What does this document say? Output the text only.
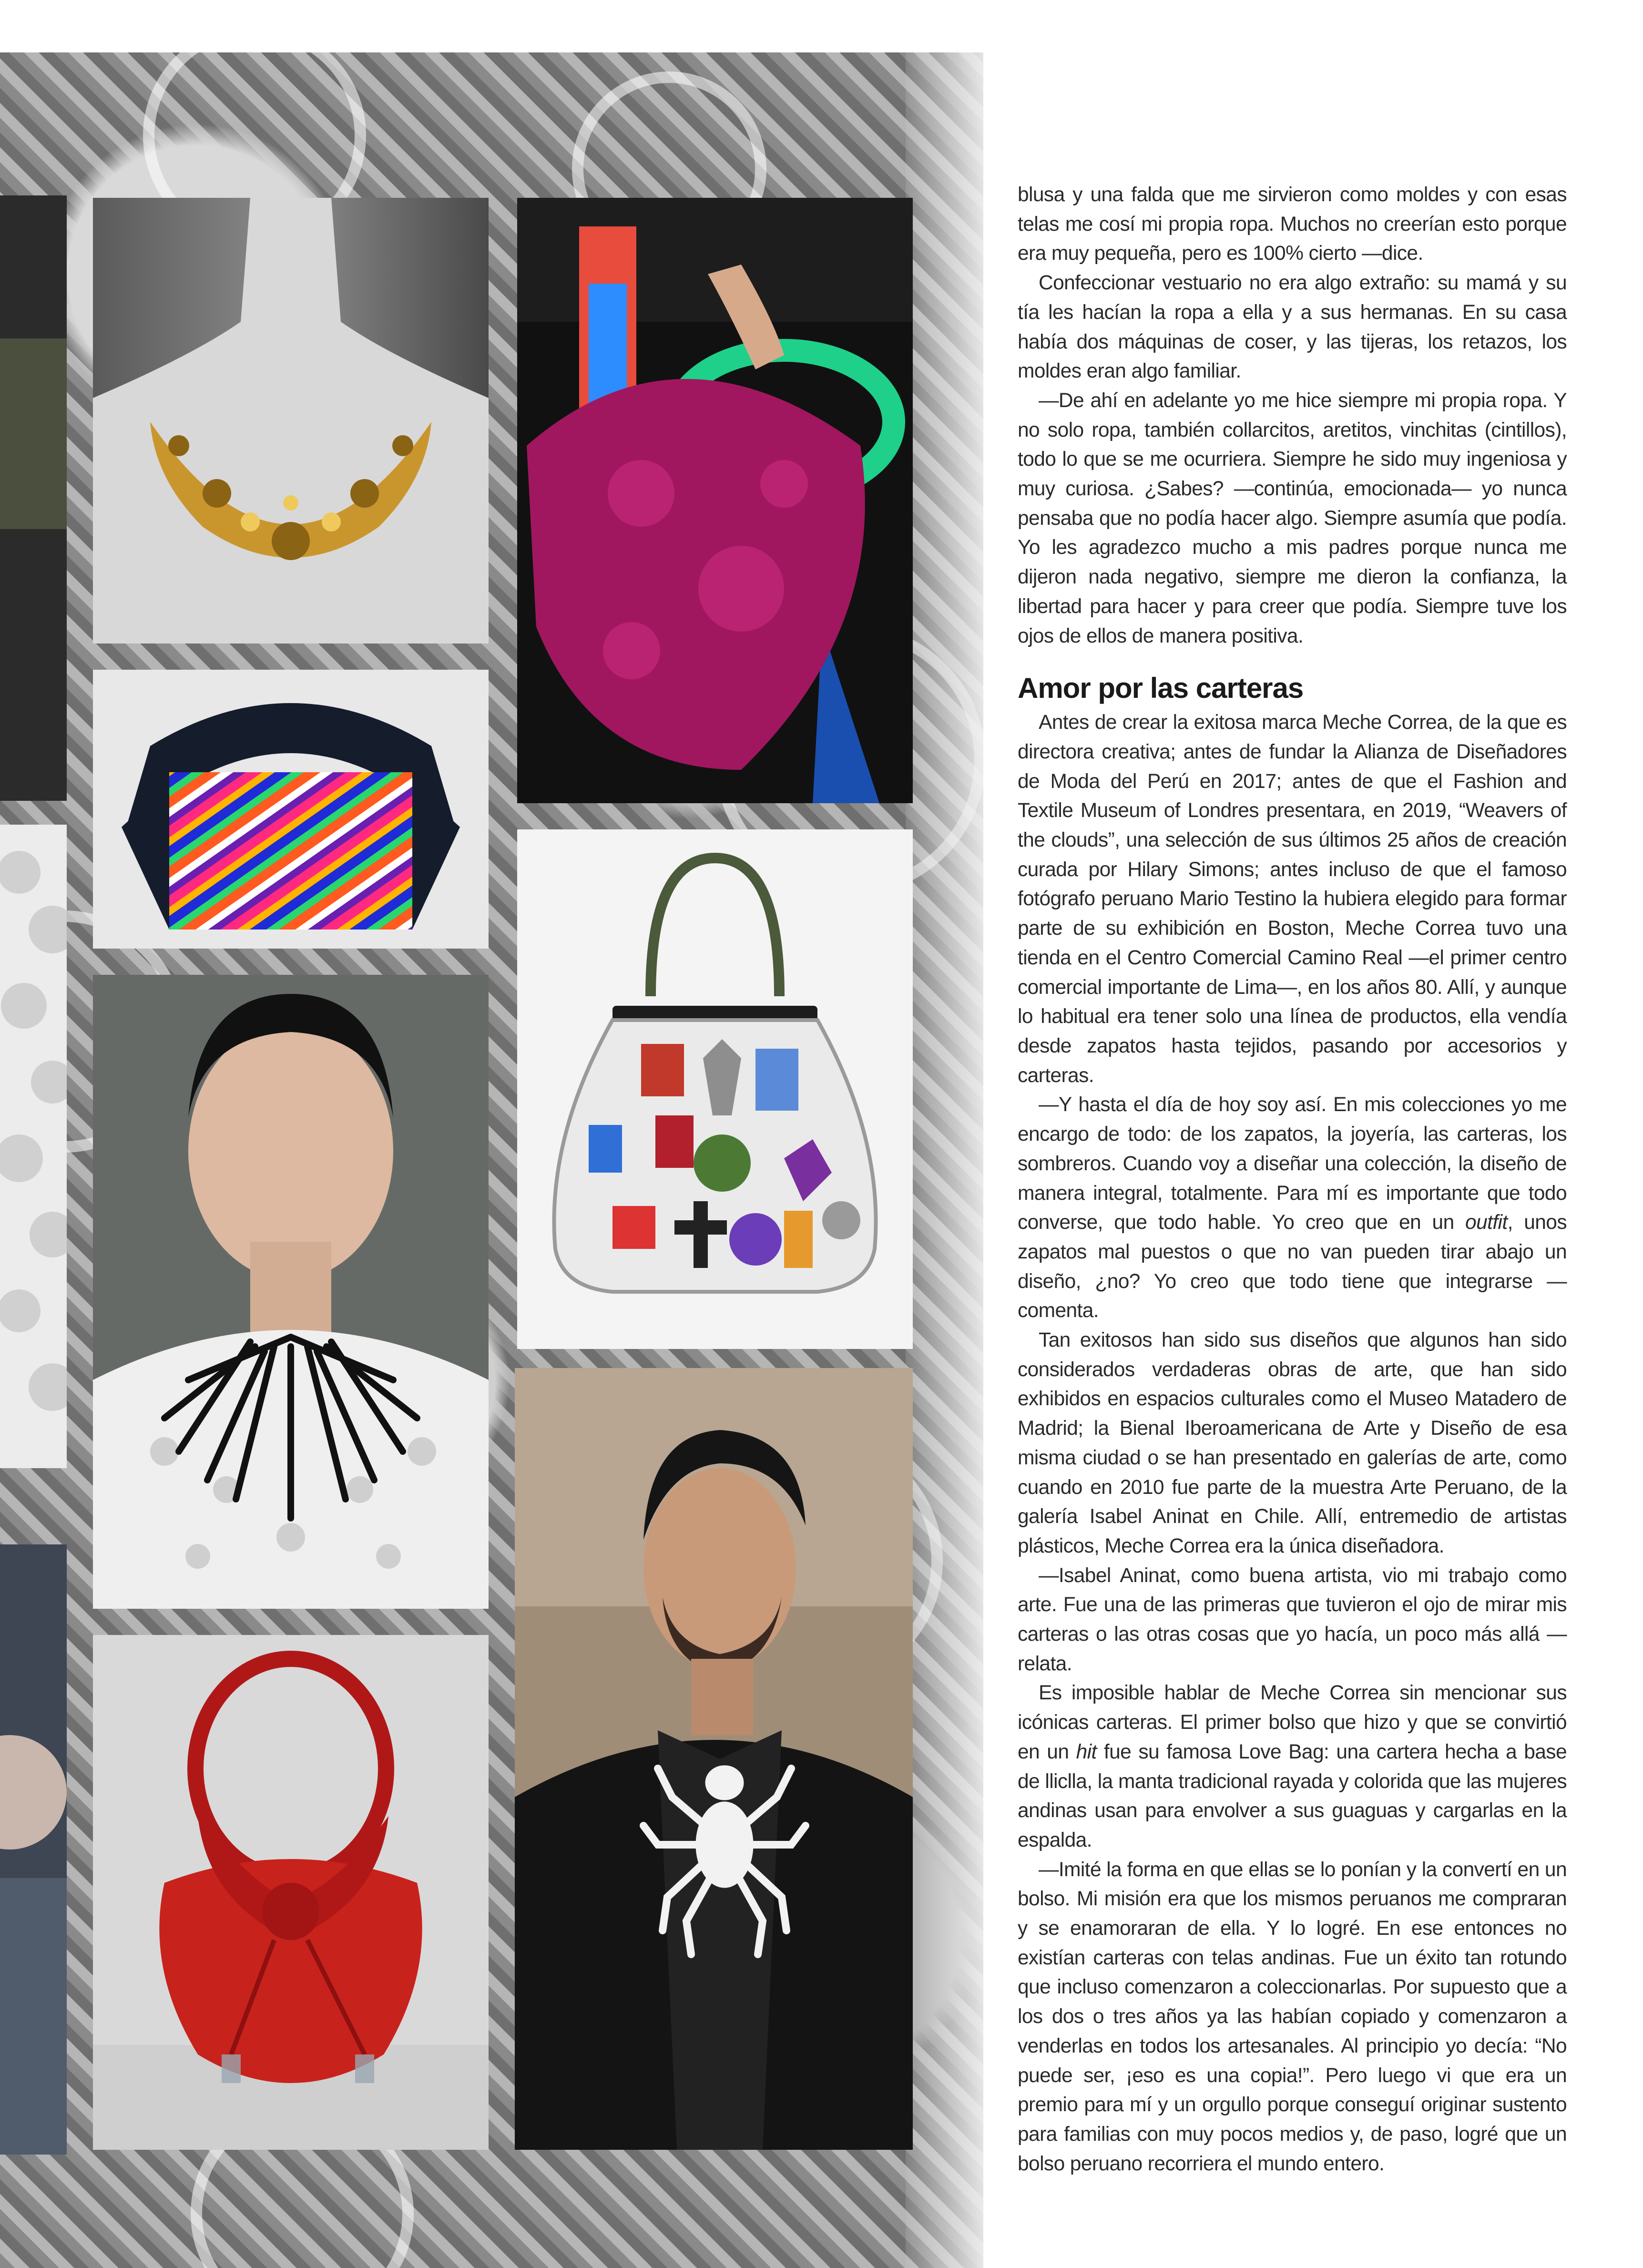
blusa y una falda que me sirvieron como moldes y con esas telas me cosí mi propia ropa. Muchos no creerían esto porque era muy pequeña, pero es 100% cierto —dice.

Confeccionar vestuario no era algo extraño: su mamá y su tía les hacían la ropa a ella y a sus hermanas. En su casa había dos máquinas de coser, y las tijeras, los retazos, los moldes eran algo familiar.

—De ahí en adelante yo me hice siempre mi propia ropa. Y no solo ropa, también collarcitos, aretitos, vinchitas (cintillos), todo lo que se me ocurriera. Siempre he sido muy ingeniosa y muy curiosa. ¿Sabes? —continúa, emocionada— yo nunca pensaba que no podía hacer algo. Siempre asumía que podía. Yo les agradezco mucho a mis padres porque nunca me dijeron nada negativo, siempre me dieron la confianza, la libertad para hacer y para creer que podía. Siempre tuve los ojos de ellos de manera positiva.

Amor por las carteras

Antes de crear la exitosa marca Meche Correa, de la que es directora creativa; antes de fundar la Alianza de Diseñadores de Moda del Perú en 2017; antes de que el Fashion and Textile Museum of Londres presentara, en 2019, “Weavers of the clouds”, una selección de sus últimos 25 años de creación curada por Hilary Simons; antes incluso de que el famoso fotógrafo peruano Mario Testino la hubiera elegido para formar parte de su exhibición en Boston, Meche Correa tuvo una tienda en el Centro Comercial Camino Real —el primer centro comercial importante de Lima—, en los años 80. Allí, y aunque lo habitual era tener solo una línea de productos, ella vendía desde zapatos hasta tejidos, pasando por accesorios y carteras.

—Y hasta el día de hoy soy así. En mis colecciones yo me encargo de todo: de los zapatos, la joyería, las carteras, los sombreros. Cuando voy a diseñar una colección, la diseño de manera integral, totalmente. Para mí es importante que todo converse, que todo hable. Yo creo que en un outfit, unos zapatos mal puestos o que no van pueden tirar abajo un diseño, ¿no? Yo creo que todo tiene que integrarse —comenta.

Tan exitosos han sido sus diseños que algunos han sido considerados verdaderas obras de arte, que han sido exhibidos en espacios culturales como el Museo Matadero de Madrid; la Bienal Iberoamericana de Arte y Diseño de esa misma ciudad o se han presentado en galerías de arte, como cuando en 2010 fue parte de la muestra Arte Peruano, de la galería Isabel Aninat en Chile. Allí, entremedio de artistas plásticos, Meche Correa era la única diseñadora.

—Isabel Aninat, como buena artista, vio mi trabajo como arte. Fue una de las primeras que tuvieron el ojo de mirar mis carteras o las otras cosas que yo hacía, un poco más allá —relata.

Es imposible hablar de Meche Correa sin mencionar sus icónicas carteras. El primer bolso que hizo y que se convirtió en un hit fue su famosa Love Bag: una cartera hecha a base de lliclla, la manta tradicional rayada y colorida que las mujeres andinas usan para envolver a sus guaguas y cargarlas en la espalda.

—Imité la forma en que ellas se lo ponían y la convertí en un bolso. Mi misión era que los mismos peruanos me compraran y se enamoraran de ella. Y lo logré. En ese entonces no existían carteras con telas andinas. Fue un éxito tan rotundo que incluso comenzaron a coleccionarlas. Por supuesto que a los dos o tres años ya las habían copiado y comenzaron a venderlas en todos los artesanales. Al principio yo decía: “No puede ser, ¡eso es una copia!”. Pero luego vi que era un premio para mí y un orgullo porque conseguí originar sustento para familias con muy pocos medios y, de paso, logré que un bolso peruano recorriera el mundo entero.
